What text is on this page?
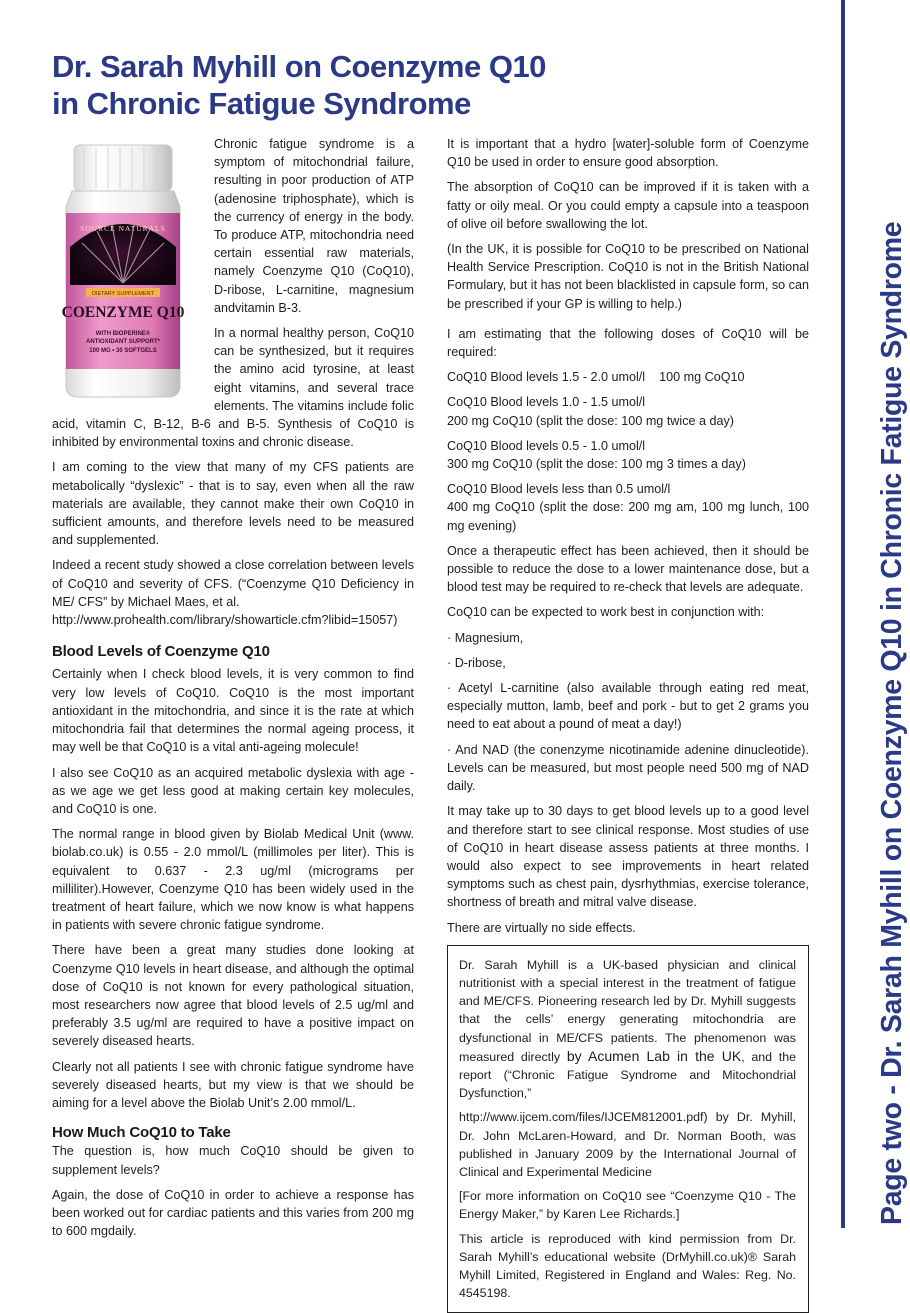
Dr. Sarah Myhill on Coenzyme Q10
in Chronic Fatigue Syndrome
Page two - Dr. Sarah Myhill on Coenzyme Q10 in Chronic Fatigue Syndrome
SOURCE NATURALS
DIETARY SUPPLEMENT
COENZYME Q10
WITH BIOPERINE®
ANTIOXIDANT SUPPORT*
100 MG • 30 SOFTGELS

Chronic fatigue syndrome is a symptom of mitochondrial failure, resulting in poor production of ATP (adenosine triphosphate), which is the currency of energy in the body. To produce ATP, mitochondria need certain essential raw materials, namely Coenzyme Q10 (CoQ10), D-ribose, L-carnitine, magnesium andvitamin B-3.

In a normal healthy person, CoQ10 can be synthesized, but it requires the amino acid tyrosine, at least eight vitamins, and several trace elements. The vitamins include folic acid, vitamin C, B-12, B-6 and B-5. Synthesis of CoQ10 is inhibited by environmental toxins and chronic disease.

I am coming to the view that many of my CFS patients are metabolically “dyslexic” - that is to say, even when all the raw materials are available, they cannot make their own CoQ10 in sufficient amounts, and therefore levels need to be measured and supplemented.

Indeed a recent study showed a close correlation between levels of CoQ10 and severity of CFS. (“Coenzyme Q10 Deficiency in ME/ CFS” by Michael Maes, et al.

http://www.prohealth.com/library/showarticle.cfm?libid=15057)

Blood Levels of Coenzyme Q10

Certainly when I check blood levels, it is very common to find very low levels of CoQ10. CoQ10 is the most important antioxidant in the mitochondria, and since it is the rate at which mitochondria fail that determines the normal ageing process, it may well be that CoQ10 is a vital anti-ageing molecule!

I also see CoQ10 as an acquired metabolic dyslexia with age - as we age we get less good at making certain key molecules, and CoQ10 is one.

The normal range in blood given by Biolab Medical Unit (www. biolab.co.uk) is 0.55 - 2.0 mmol/L (millimoles per liter). This is equivalent to 0.637 - 2.3 ug/ml (micrograms per milliliter).However, Coenzyme Q10 has been widely used in the treatment of heart failure, which we now know is what happens in patients with severe chronic fatigue syndrome.

There have been a great many studies done looking at Coenzyme Q10 levels in heart disease, and although the optimal dose of CoQ10 is not known for every pathological situation, most researchers now agree that blood levels of 2.5 ug/ml and preferably 3.5 ug/ml are required to have a positive impact on severely diseased hearts.

Clearly not all patients I see with chronic fatigue syndrome have severely diseased hearts, but my view is that we should be aiming for a level above the Biolab Unit’s 2.00 mmol/L.

How Much CoQ10 to Take

The question is, how much CoQ10 should be given to supplement levels?

Again, the dose of CoQ10 in order to achieve a response has been worked out for cardiac patients and this varies from 200 mg to 600 mgdaily.

It is important that a hydro [water]-soluble form of Coenzyme Q10 be used in order to ensure good absorption.

The absorption of CoQ10 can be improved if it is taken with a fatty or oily meal. Or you could empty a capsule into a teaspoon of olive oil before swallowing the lot.

(In the UK, it is possible for CoQ10 to be prescribed on National Health Service Prescription. CoQ10 is not in the British National Formulary, but it has not been blacklisted in capsule form, so can be prescribed if your GP is willing to help.)

I am estimating that the following doses of CoQ10 will be required:

CoQ10 Blood levels 1.5 - 2.0 umol/l    100 mg CoQ10

CoQ10 Blood levels 1.0 - 1.5 umol/l

200 mg CoQ10 (split the dose: 100 mg twice a day)

CoQ10 Blood levels 0.5 - 1.0 umol/l

300 mg CoQ10 (split the dose: 100 mg 3 times a day)

CoQ10 Blood levels less than 0.5 umol/l

400 mg CoQ10 (split the dose: 200 mg am, 100 mg lunch, 100 mg evening)

Once a therapeutic effect has been achieved, then it should be possible to reduce the dose to a lower maintenance dose, but a blood test may be required to re-check that levels are adequate.

CoQ10 can be expected to work best in conjunction with:

· Magnesium,

· D-ribose,

· Acetyl L-carnitine (also available through eating red meat, especially mutton, lamb, beef and pork - but to get 2 grams you need to eat about a pound of meat a day!)

· And NAD (the conenzyme nicotinamide adenine dinucleotide). Levels can be measured, but most people need 500 mg of NAD daily.

It may take up to 30 days to get blood levels up to a good level and therefore start to see clinical response. Most studies of use of CoQ10 in heart disease assess patients at three months. I would also expect to see improvements in heart related symptoms such as chest pain, dysrhythmias, exercise tolerance, shortness of breath and mitral valve disease.

There are virtually no side effects.

Dr. Sarah Myhill is a UK-based physician and clinical nutritionist with a special interest in the treatment of fatigue and ME/CFS. Pioneering research led by Dr. Myhill suggests that the cells’ energy generating mitochondria are dysfunctional in ME/CFS patients. The phenomenon was measured directly by Acumen Lab in the UK, and the report (“Chronic Fatigue Syndrome and Mitochondrial Dysfunction,”

http://www.ijcem.com/files/IJCEM812001.pdf) by Dr. Myhill, Dr. John McLaren-Howard, and Dr. Norman Booth, was published in January 2009 by the International Journal of Clinical and Experimental Medicine

[For more information on CoQ10 see “Coenzyme Q10 - The Energy Maker,” by Karen Lee Richards.]

This article is reproduced with kind permission from Dr. Sarah Myhill’s educational website (DrMyhill.co.uk)® Sarah Myhill Limited, Registered in England and Wales: Reg. No. 4545198.
